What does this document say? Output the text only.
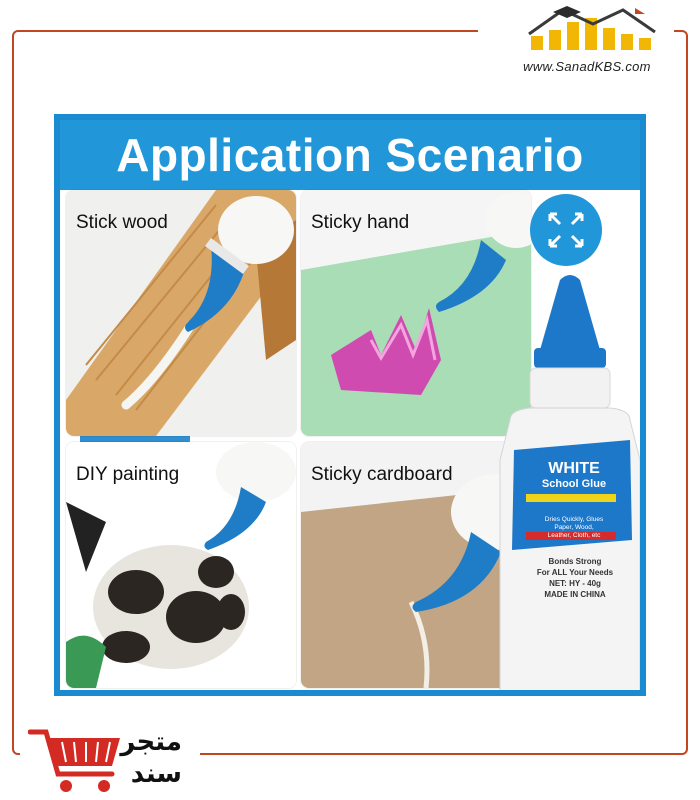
www.SanadKBS.com
Application Scenario
Stick wood	Sticky hand
DIY painting	Sticky cardboard	WHITE
School Glue
Dries Quickly, Glues
Paper, Wood,
Leather, Cloth, etc
Bonds Strong
For ALL Your Needs
NET: HY - 40g
MADE IN CHINA
متجر
سند
